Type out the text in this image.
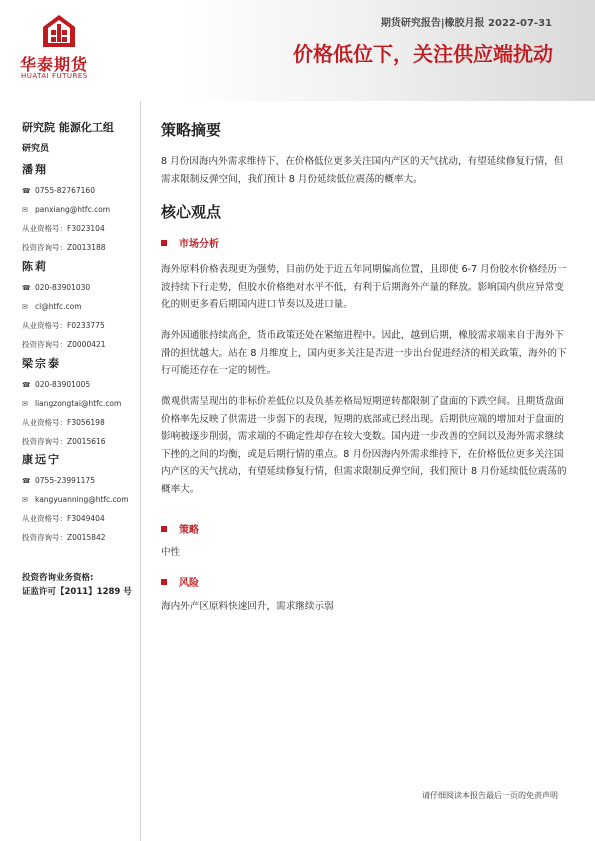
华泰期货
HUATAI FUTURES
期货研究报告|橡胶月报 2022-07-31
价格低位下，关注供应端扰动
研究院 能源化工组
研究员
潘翔
☎ 0755-82767160
✉ panxiang@htfc.com
从业资格号：F3023104
投资咨询号：Z0013188
陈莉
☎ 020-83901030
✉ cl@htfc.com
从业资格号：F0233775
投资咨询号：Z0000421
梁宗泰
☎ 020-83901005
✉ liangzongtai@htfc.com
从业资格号：F3056198
投资咨询号：Z0015616
康远宁
☎ 0755-23991175
✉ kangyuanning@htfc.com
从业资格号：F3049404
投资咨询号：Z0015842
投资咨询业务资格:
证监许可【2011】1289 号
策略摘要
8 月份因海内外需求维持下，在价格低位更多关注国内产区的天气扰动，有望延续修复行情，但需求限制反弹空间，我们预计 8 月份延续低位震荡的概率大。
核心观点
市场分析
海外原料价格表现更为强势，目前仍处于近五年同期偏高位置，且即使 6-7 月份胶水价格经历一波持续下行走势，但胶水价格绝对水平不低，有利于后期海外产量的释放。影响国内供应异常变化的则更多看后期国内进口节奏以及进口量。
海外因通胀持续高企，货币政策还处在紧缩进程中。因此，越到后期，橡胶需求端来自于海外下滑的担忧越大。站在 8 月维度上，国内更多关注是否进一步出台促进经济的相关政策，海外的下行可能还存在一定的韧性。
微观供需呈现出的非标价差低位以及负基差格局短期逆转都限制了盘面的下跌空间。且期货盘面价格率先反映了供需进一步弱下的表现，短期的底部或已经出现。后期供应端的增加对于盘面的影响被逐步削弱，需求端的不确定性却存在较大变数。国内进一步改善的空间以及海外需求继续下挫的之间的均衡，或是后期行情的重点。8 月份因海内外需求维持下，在价格低位更多关注国内产区的天气扰动，有望延续修复行情，但需求限制反弹空间，我们预计 8 月份延续低位震荡的概率大。
策略
中性
风险
海内外产区原料快速回升，需求继续示弱
请仔细阅读本报告最后一页的免责声明
